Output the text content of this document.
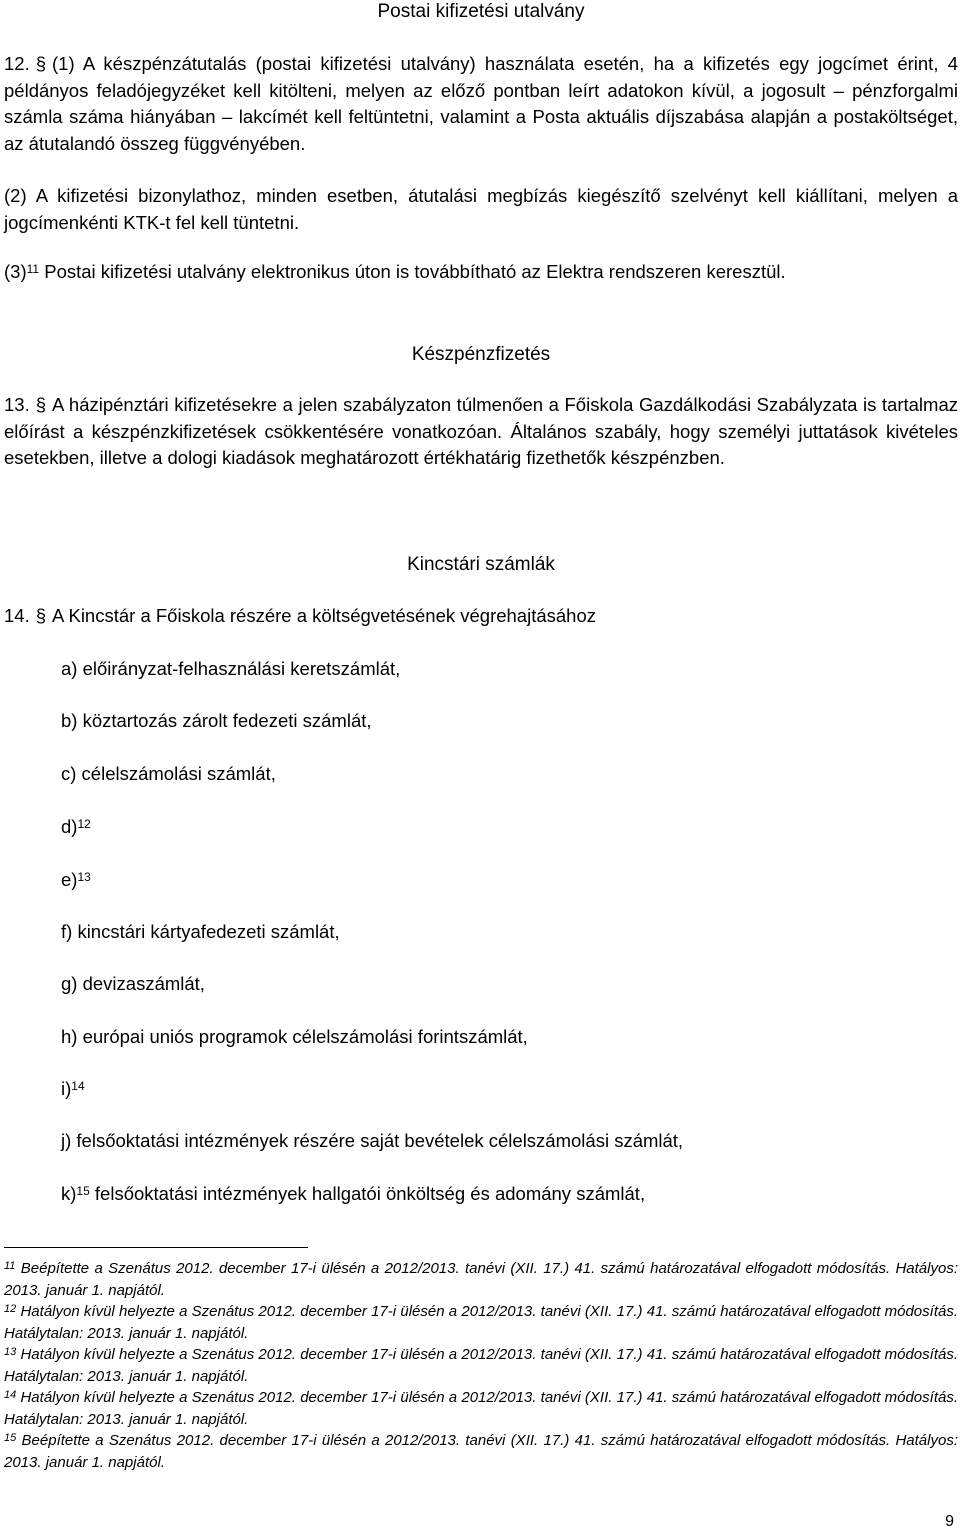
Postai kifizetési utalvány
12. § (1) A készpénzátutalás (postai kifizetési utalvány) használata esetén, ha a kifizetés egy jogcímet érint, 4 példányos feladójegyzéket kell kitölteni, melyen az előző pontban leírt adatokon kívül, a jogosult – pénzforgalmi számla száma hiányában – lakcímét kell feltüntetni, valamint a Posta aktuális díjszabása alapján a postaköltséget, az átutalandó összeg függvényében.
(2) A kifizetési bizonylathoz, minden esetben, átutalási megbízás kiegészítő szelvényt kell kiállítani, melyen a jogcímenkénti KTK-t fel kell tüntetni.
$(3)^{11}$ Postai kifizetési utalvány elektronikus úton is továbbítható az Elektra rendszeren keresztül.
Készpénzfizetés
13. § A házipénztári kifizetésekre a jelen szabályzaton túlmenően a Főiskola Gazdálkodási Szabályzata is tartalmaz előírást a készpénzkifizetések csökkentésére vonatkozóan. Általános szabály, hogy személyi juttatások kivételes esetekben, illetve a dologi kiadások meghatározott értékhatárig fizethetők készpénzben.
Kincstári számlák
14. § A Kincstár a Főiskola részére a költségvetésének végrehajtásához
a) előirányzat-felhasználási keretszámlát,
b) köztartozás zárolt fedezeti számlát,
c) célelszámolási számlát,
d)$^{12}$
e)$^{13}$
f) kincstári kártyafedezeti számlát,
g) devizaszámlát,
h) európai uniós programok célelszámolási forintszámlát,
i)$^{14}$
j) felsőoktatási intézmények részére saját bevételek célelszámolási számlát,
k)$^{15}$ felsőoktatási intézmények hallgatói önköltség és adomány számlát,
$^{11}$ Beépítette a Szenátus 2012. december 17-i ülésén a 2012/2013. tanévi (XII. 17.) 41. számú határozatával elfogadott módosítás. Hatályos: 2013. január 1. napjától.
$^{12}$ Hatályon kívül helyezte a Szenátus 2012. december 17-i ülésén a 2012/2013. tanévi (XII. 17.) 41. számú határozatával elfogadott módosítás. Hatálytalan: 2013. január 1. napjától.
$^{13}$ Hatályon kívül helyezte a Szenátus 2012. december 17-i ülésén a 2012/2013. tanévi (XII. 17.) 41. számú határozatával elfogadott módosítás. Hatálytalan: 2013. január 1. napjától.
$^{14}$ Hatályon kívül helyezte a Szenátus 2012. december 17-i ülésén a 2012/2013. tanévi (XII. 17.) 41. számú határozatával elfogadott módosítás. Hatálytalan: 2013. január 1. napjától.
$^{15}$ Beépítette a Szenátus 2012. december 17-i ülésén a 2012/2013. tanévi (XII. 17.) 41. számú határozatával elfogadott módosítás. Hatályos: 2013. január 1. napjától.
9
